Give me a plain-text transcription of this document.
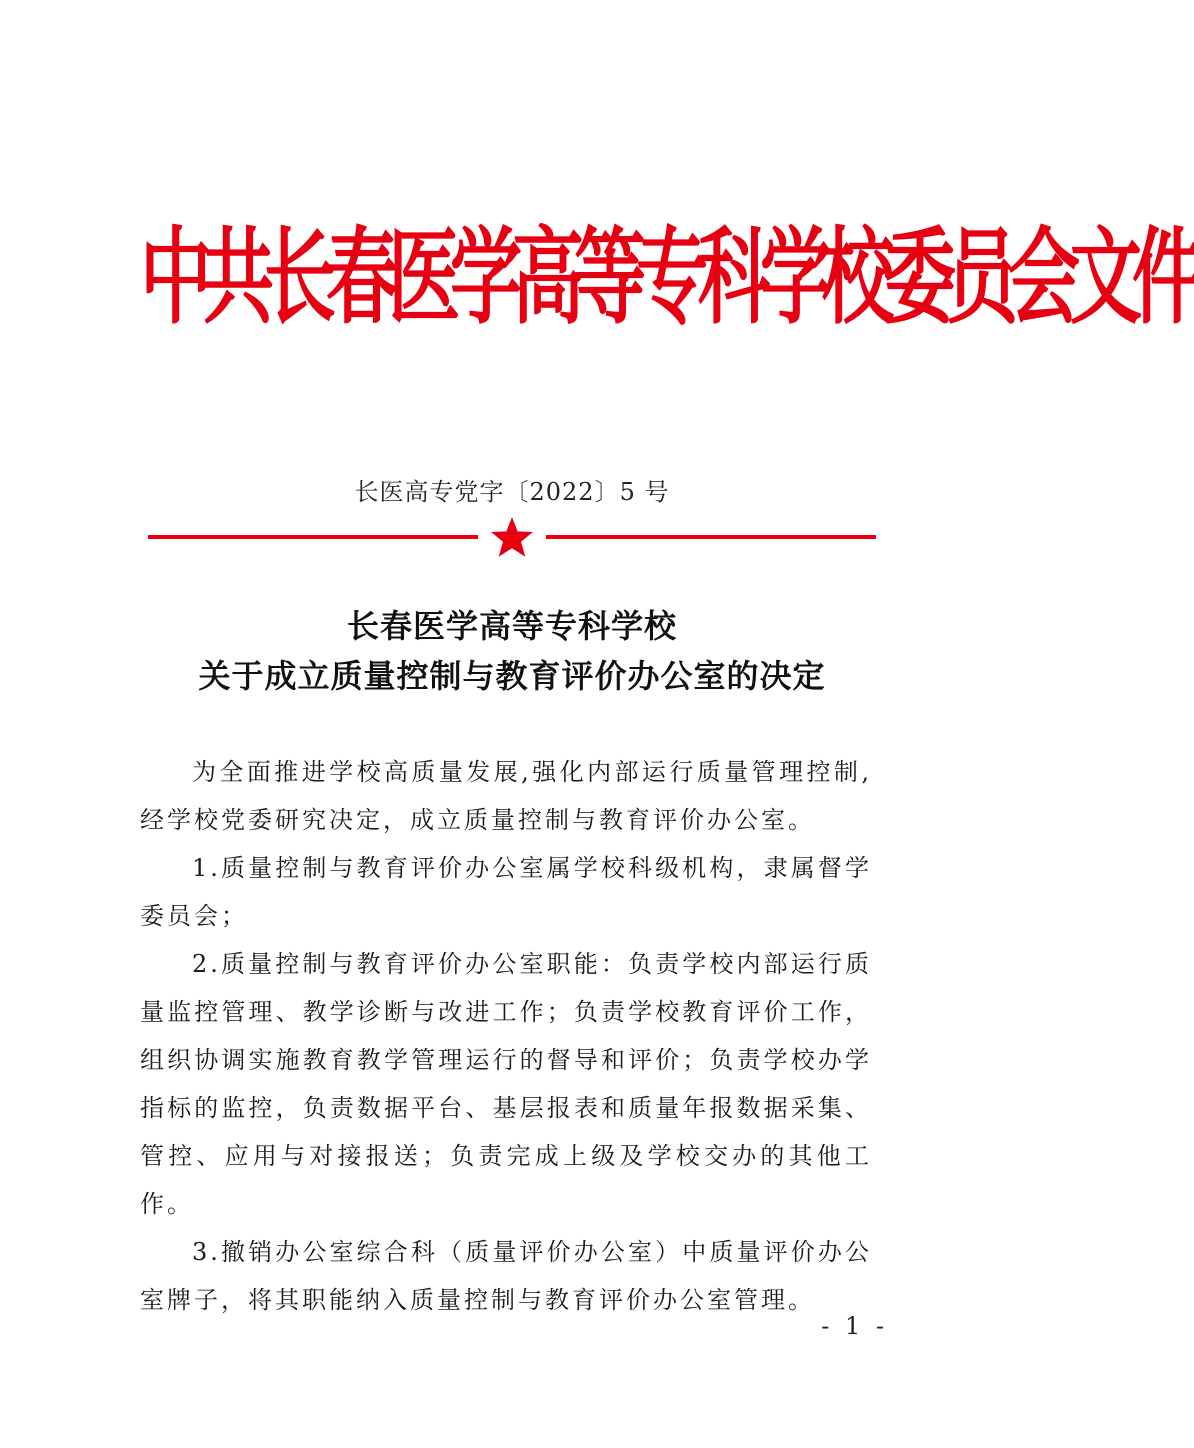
中共长春医学高等专科学校委员会文件
长医高专党字〔2022〕5 号
长春医学高等专科学校
关于成立质量控制与教育评价办公室的决定

为全面推进学校高质量发展,强化内部运行质量管理控制,经学校党委研究决定，成立质量控制与教育评价办公室。

1.质量控制与教育评价办公室属学校科级机构，隶属督学委员会；

2.质量控制与教育评价办公室职能：负责学校内部运行质量监控管理、教学诊断与改进工作；负责学校教育评价工作，组织协调实施教育教学管理运行的督导和评价；负责学校办学指标的监控，负责数据平台、基层报表和质量年报数据采集、管控、应用与对接报送；负责完成上级及学校交办的其他工作。

3.撤销办公室综合科（质量评价办公室）中质量评价办公室牌子，将其职能纳入质量控制与教育评价办公室管理。

- 1 -
